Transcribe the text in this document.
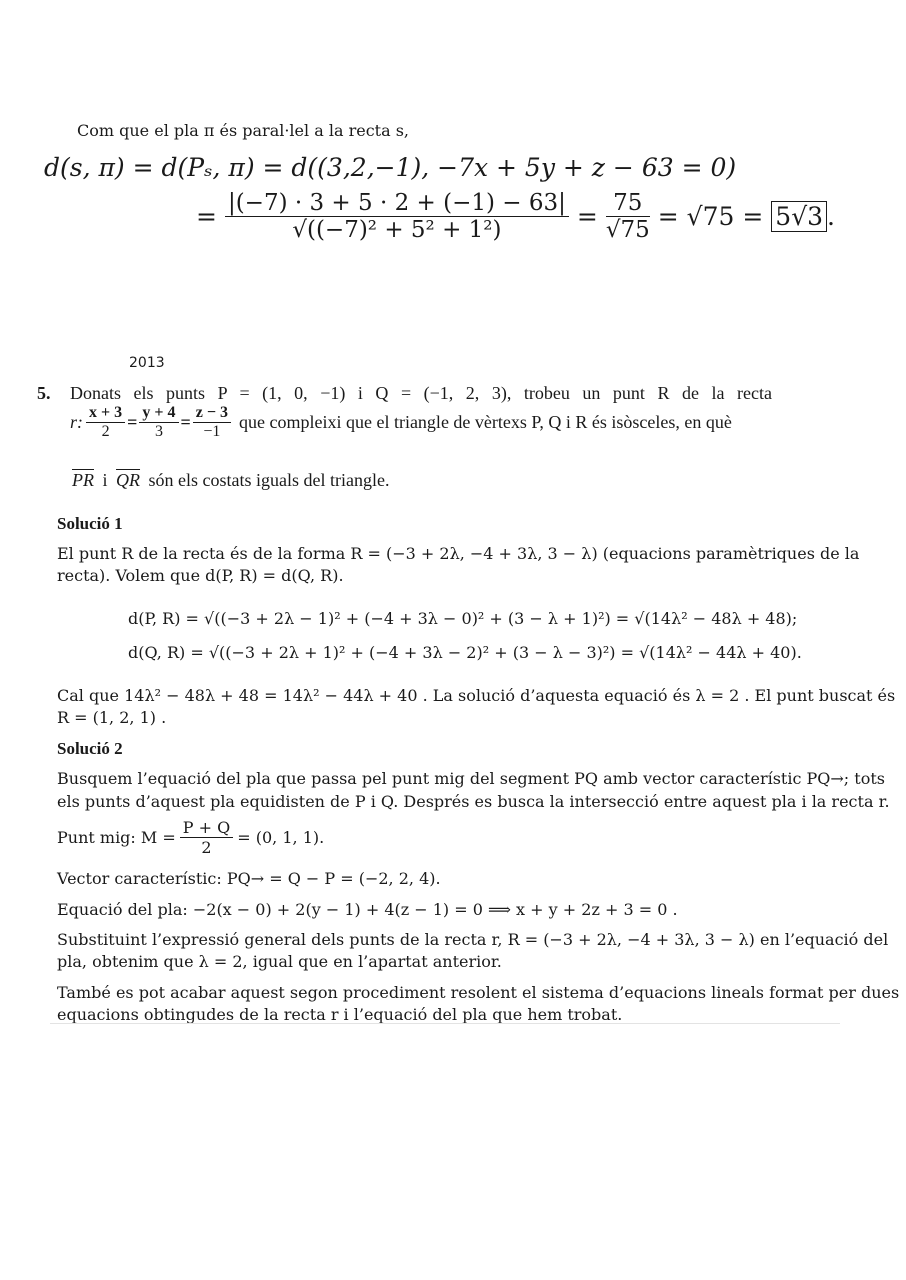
Com que el pla π és paral·lel a la recta s,
d(s, π) = d(Pₛ, π) = d((3,2,−1), −7x + 5y + z − 63 = 0)
= $\frac{|(-7) \cdot 3 + 5 \cdot 2 + (-1) - 63|}{\text{√((−7)² + 5² + 1²)}} = \frac{75}{√75} = √75 = 5√3$ .
2013
5. Donats els punts P = (1, 0, −1) i Q = (−1, 2, 3), trobeu un punt R de la recta
r: $\frac{x + 3}{2} = \frac{y + 4}{3} = \frac{z - 3}{-1}$ que compleixi que el triangle de vèrtexs P, Q i R és isòsceles, en què
$\overline{PR}$ i $\overline{QR}$ són els costats iguals del triangle.
Solució 1
El punt R de la recta és de la forma R = (−3 + 2λ, −4 + 3λ, 3 − λ) (equacions paramètriques de la
recta). Volem que d(P, R) = d(Q, R).
d(P, R) = √((−3 + 2λ − 1)² + (−4 + 3λ − 0)² + (3 − λ + 1)²) = √(14λ² − 48λ + 48);
d(Q, R) = √((−3 + 2λ + 1)² + (−4 + 3λ − 2)² + (3 − λ − 3)²) = √(14λ² − 44λ + 40).
Cal que 14λ² − 48λ + 48 = 14λ² − 44λ + 40 . La solució d’aquesta equació és λ = 2 . El punt buscat és
R = (1, 2, 1) .
Solució 2
Busquem l’equació del pla que passa pel punt mig del segment PQ amb vector característic PQ→; tots
els punts d’aquest pla equidisten de P i Q. Després es busca la intersecció entre aquest pla i la recta r.
Punt mig: $M = \frac{P + Q}{2} = (0$, 1, 1).
Vector característic: PQ→ = Q − P = (−2, 2, 4).
Equació del pla: −2(x − 0) + 2(y − 1) + 4(z − 1) = 0 ⟹ x + y + 2z + 3 = 0 .
Substituint l’expressió general dels punts de la recta r, R = (−3 + 2λ, −4 + 3λ, 3 − λ) en l’equació del
pla, obtenim que λ = 2, igual que en l’apartat anterior.
També es pot acabar aquest segon procediment resolent el sistema d’equacions lineals format per dues
equacions obtingudes de la recta r i l’equació del pla que hem trobat.
